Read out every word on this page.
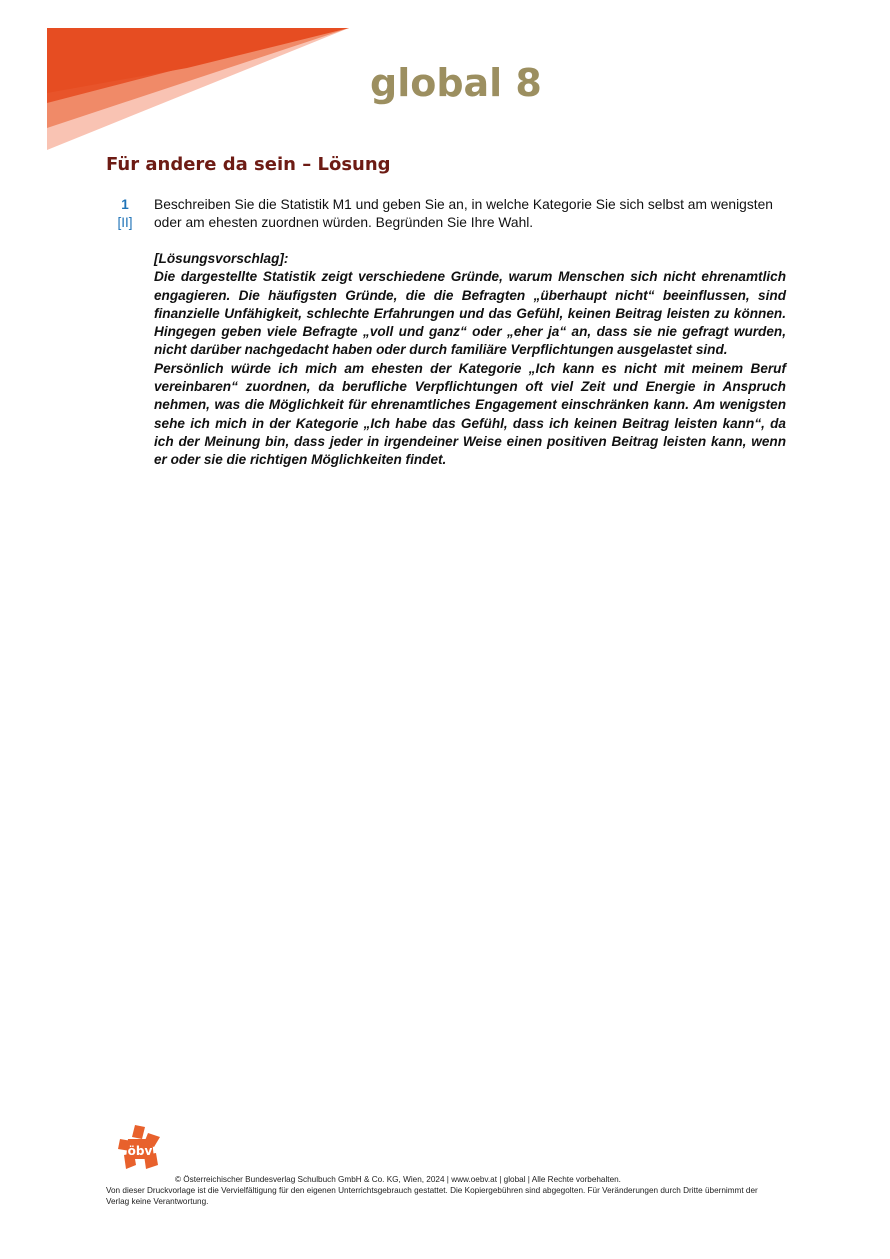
global 8
Für andere da sein – Lösung
1
[II]
Beschreiben Sie die Statistik M1 und geben Sie an, in welche Kategorie Sie sich selbst am wenigsten oder am ehesten zuordnen würden. Begründen Sie Ihre Wahl.

[Lösungsvorschlag]:

Die dargestellte Statistik zeigt verschiedene Gründe, warum Menschen sich nicht ehrenamtlich engagieren. Die häufigsten Gründe, die die Befragten „überhaupt nicht“ beeinflussen, sind finanzielle Unfähigkeit, schlechte Erfahrungen und das Gefühl, keinen Beitrag leisten zu können. Hingegen geben viele Befragte „voll und ganz“ oder „eher ja“ an, dass sie nie gefragt wurden, nicht darüber nachgedacht haben oder durch familiäre Verpflichtungen ausgelastet sind.

Persönlich würde ich mich am ehesten der Kategorie „Ich kann es nicht mit meinem Beruf vereinbaren“ zuordnen, da berufliche Verpflichtungen oft viel Zeit und Energie in Anspruch nehmen, was die Möglichkeit für ehrenamtliches Engagement einschränken kann. Am wenigsten sehe ich mich in der Kategorie „Ich habe das Gefühl, dass ich keinen Beitrag leisten kann“, da ich der Meinung bin, dass jeder in irgendeiner Weise einen positiven Beitrag leisten kann, wenn er oder sie die richtigen Möglichkeiten findet.

öbv
© Österreichischer Bundesverlag Schulbuch GmbH & Co. KG, Wien, 2024 | www.oebv.at | global | Alle Rechte vorbehalten.
Von dieser Druckvorlage ist die Vervielfältigung für den eigenen Unterrichtsgebrauch gestattet. Die Kopiergebühren sind abgegolten. Für Veränderungen durch Dritte übernimmt der Verlag keine Verantwortung.
